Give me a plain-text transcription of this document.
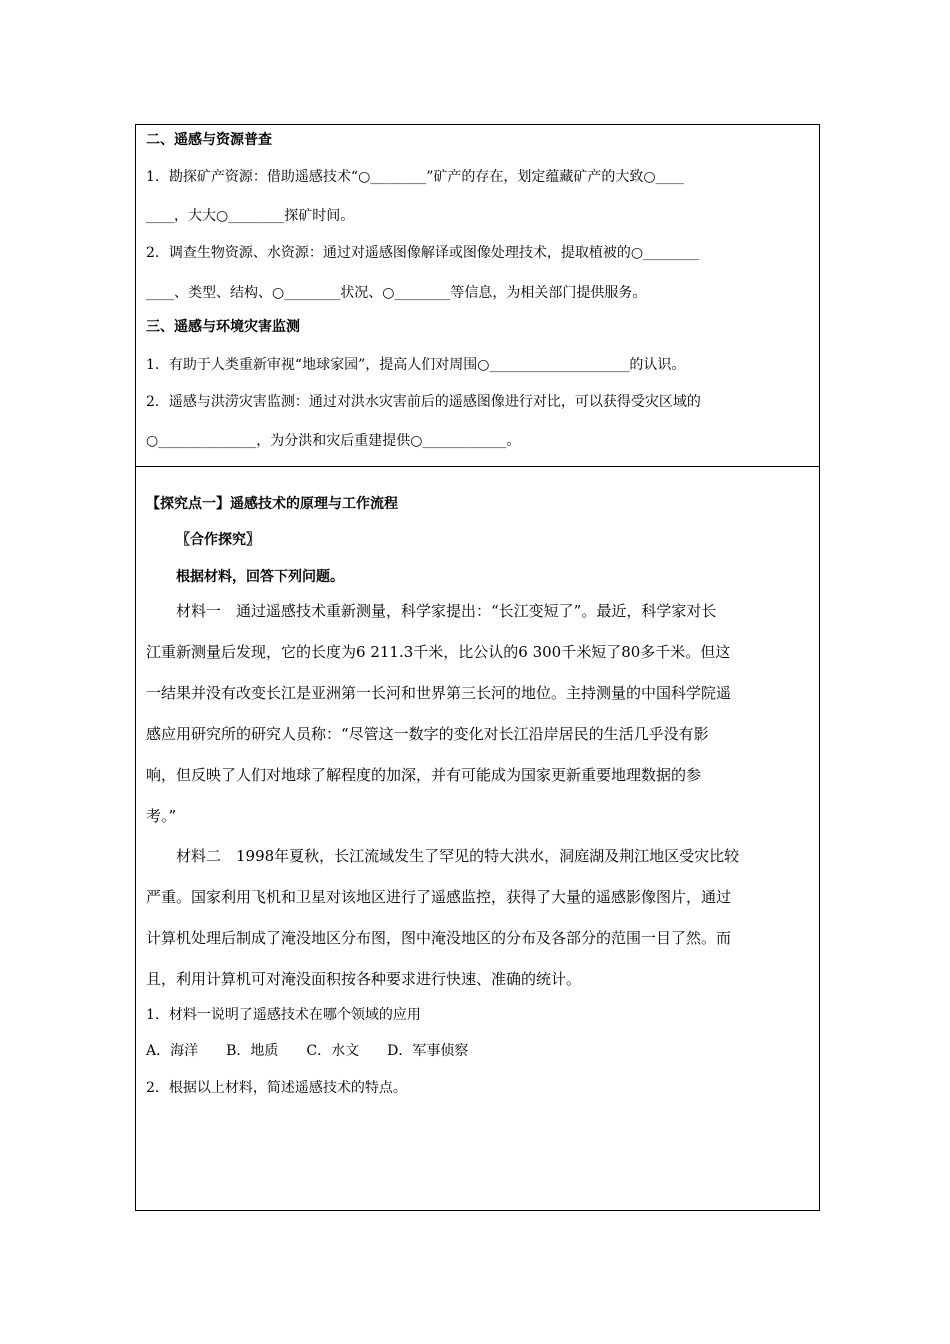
二、遥感与资源普查
1．勘探矿产资源：借助遥感技术“○________”矿产的存在，划定蕴藏矿产的大致○____
____，大大○________探矿时间。
2．调查生物资源、水资源：通过对遥感图像解译或图像处理技术，提取植被的○________
____、类型、结构、○________状况、○________等信息，为相关部门提供服务。
三、遥感与环境灾害监测
1．有助于人类重新审视“地球家园”，提高人们对周围○____________________的认识。
2．遥感与洪涝灾害监测：通过对洪水灾害前后的遥感图像进行对比，可以获得受灾区域的
○______________，为分洪和灾后重建提供○____________。
【探究点一】遥感技术的原理与工作流程
〖合作探究〗
根据材料，回答下列问题。
材料一　通过遥感技术重新测量，科学家提出：“长江变短了”。最近，科学家对长
江重新测量后发现，它的长度为6 211.3千米，比公认的6 300千米短了80多千米。但这
一结果并没有改变长江是亚洲第一长河和世界第三长河的地位。主持测量的中国科学院遥
感应用研究所的研究人员称：“尽管这一数字的变化对长江沿岸居民的生活几乎没有影
响，但反映了人们对地球了解程度的加深，并有可能成为国家更新重要地理数据的参
考。”
材料二　1998年夏秋，长江流域发生了罕见的特大洪水，洞庭湖及荆江地区受灾比较
严重。国家利用飞机和卫星对该地区进行了遥感监控，获得了大量的遥感影像图片，通过
计算机处理后制成了淹没地区分布图，图中淹没地区的分布及各部分的范围一目了然。而
且，利用计算机可对淹没面积按各种要求进行快速、准确的统计。
1．材料一说明了遥感技术在哪个领域的应用
A．海洋　　B．地质　　C．水文　　D．军事侦察
2．根据以上材料，简述遥感技术的特点。
